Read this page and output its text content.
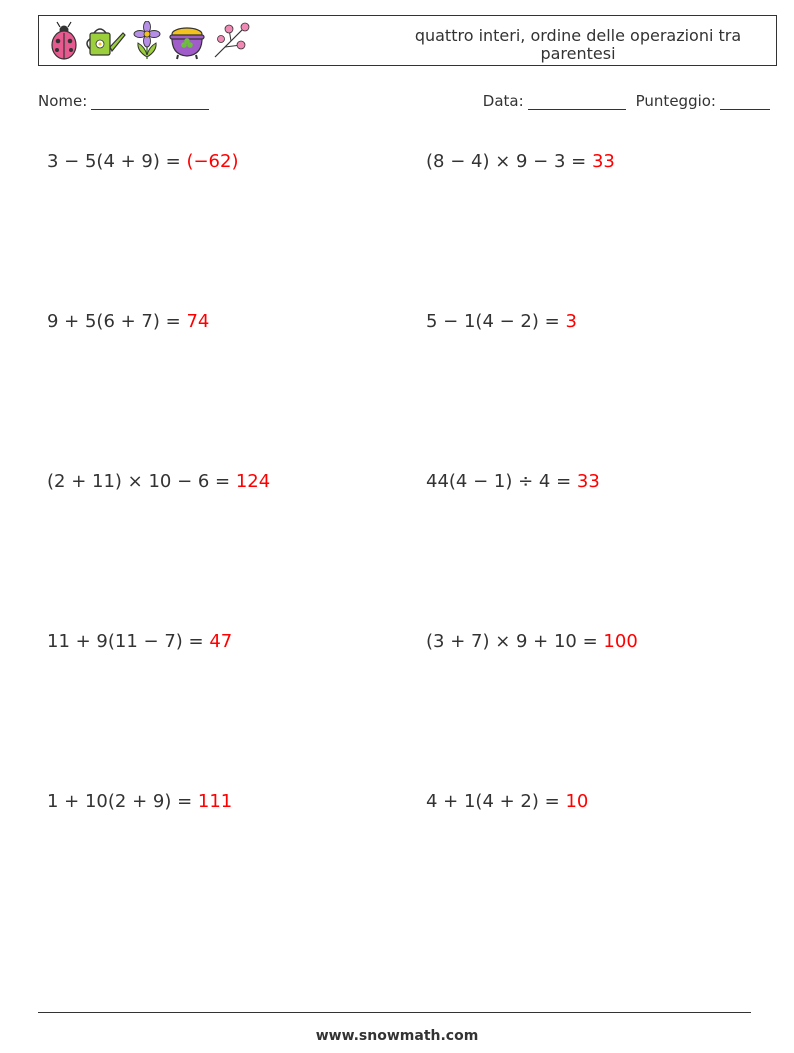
quattro interi, ordine delle operazioni tra parentesi
Nome:	Data:	Punteggio:
3 − 5(4 + 9) = (−62)	(8 − 4) × 9 − 3 = 33
9 + 5(6 + 7) = 74	5 − 1(4 − 2) = 3
(2 + 11) × 10 − 6 = 124	44(4 − 1) ÷ 4 = 33
11 + 9(11 − 7) = 47	(3 + 7) × 9 + 10 = 100
1 + 10(2 + 9) = 111	4 + 1(4 + 2) = 10
www.snowmath.com
